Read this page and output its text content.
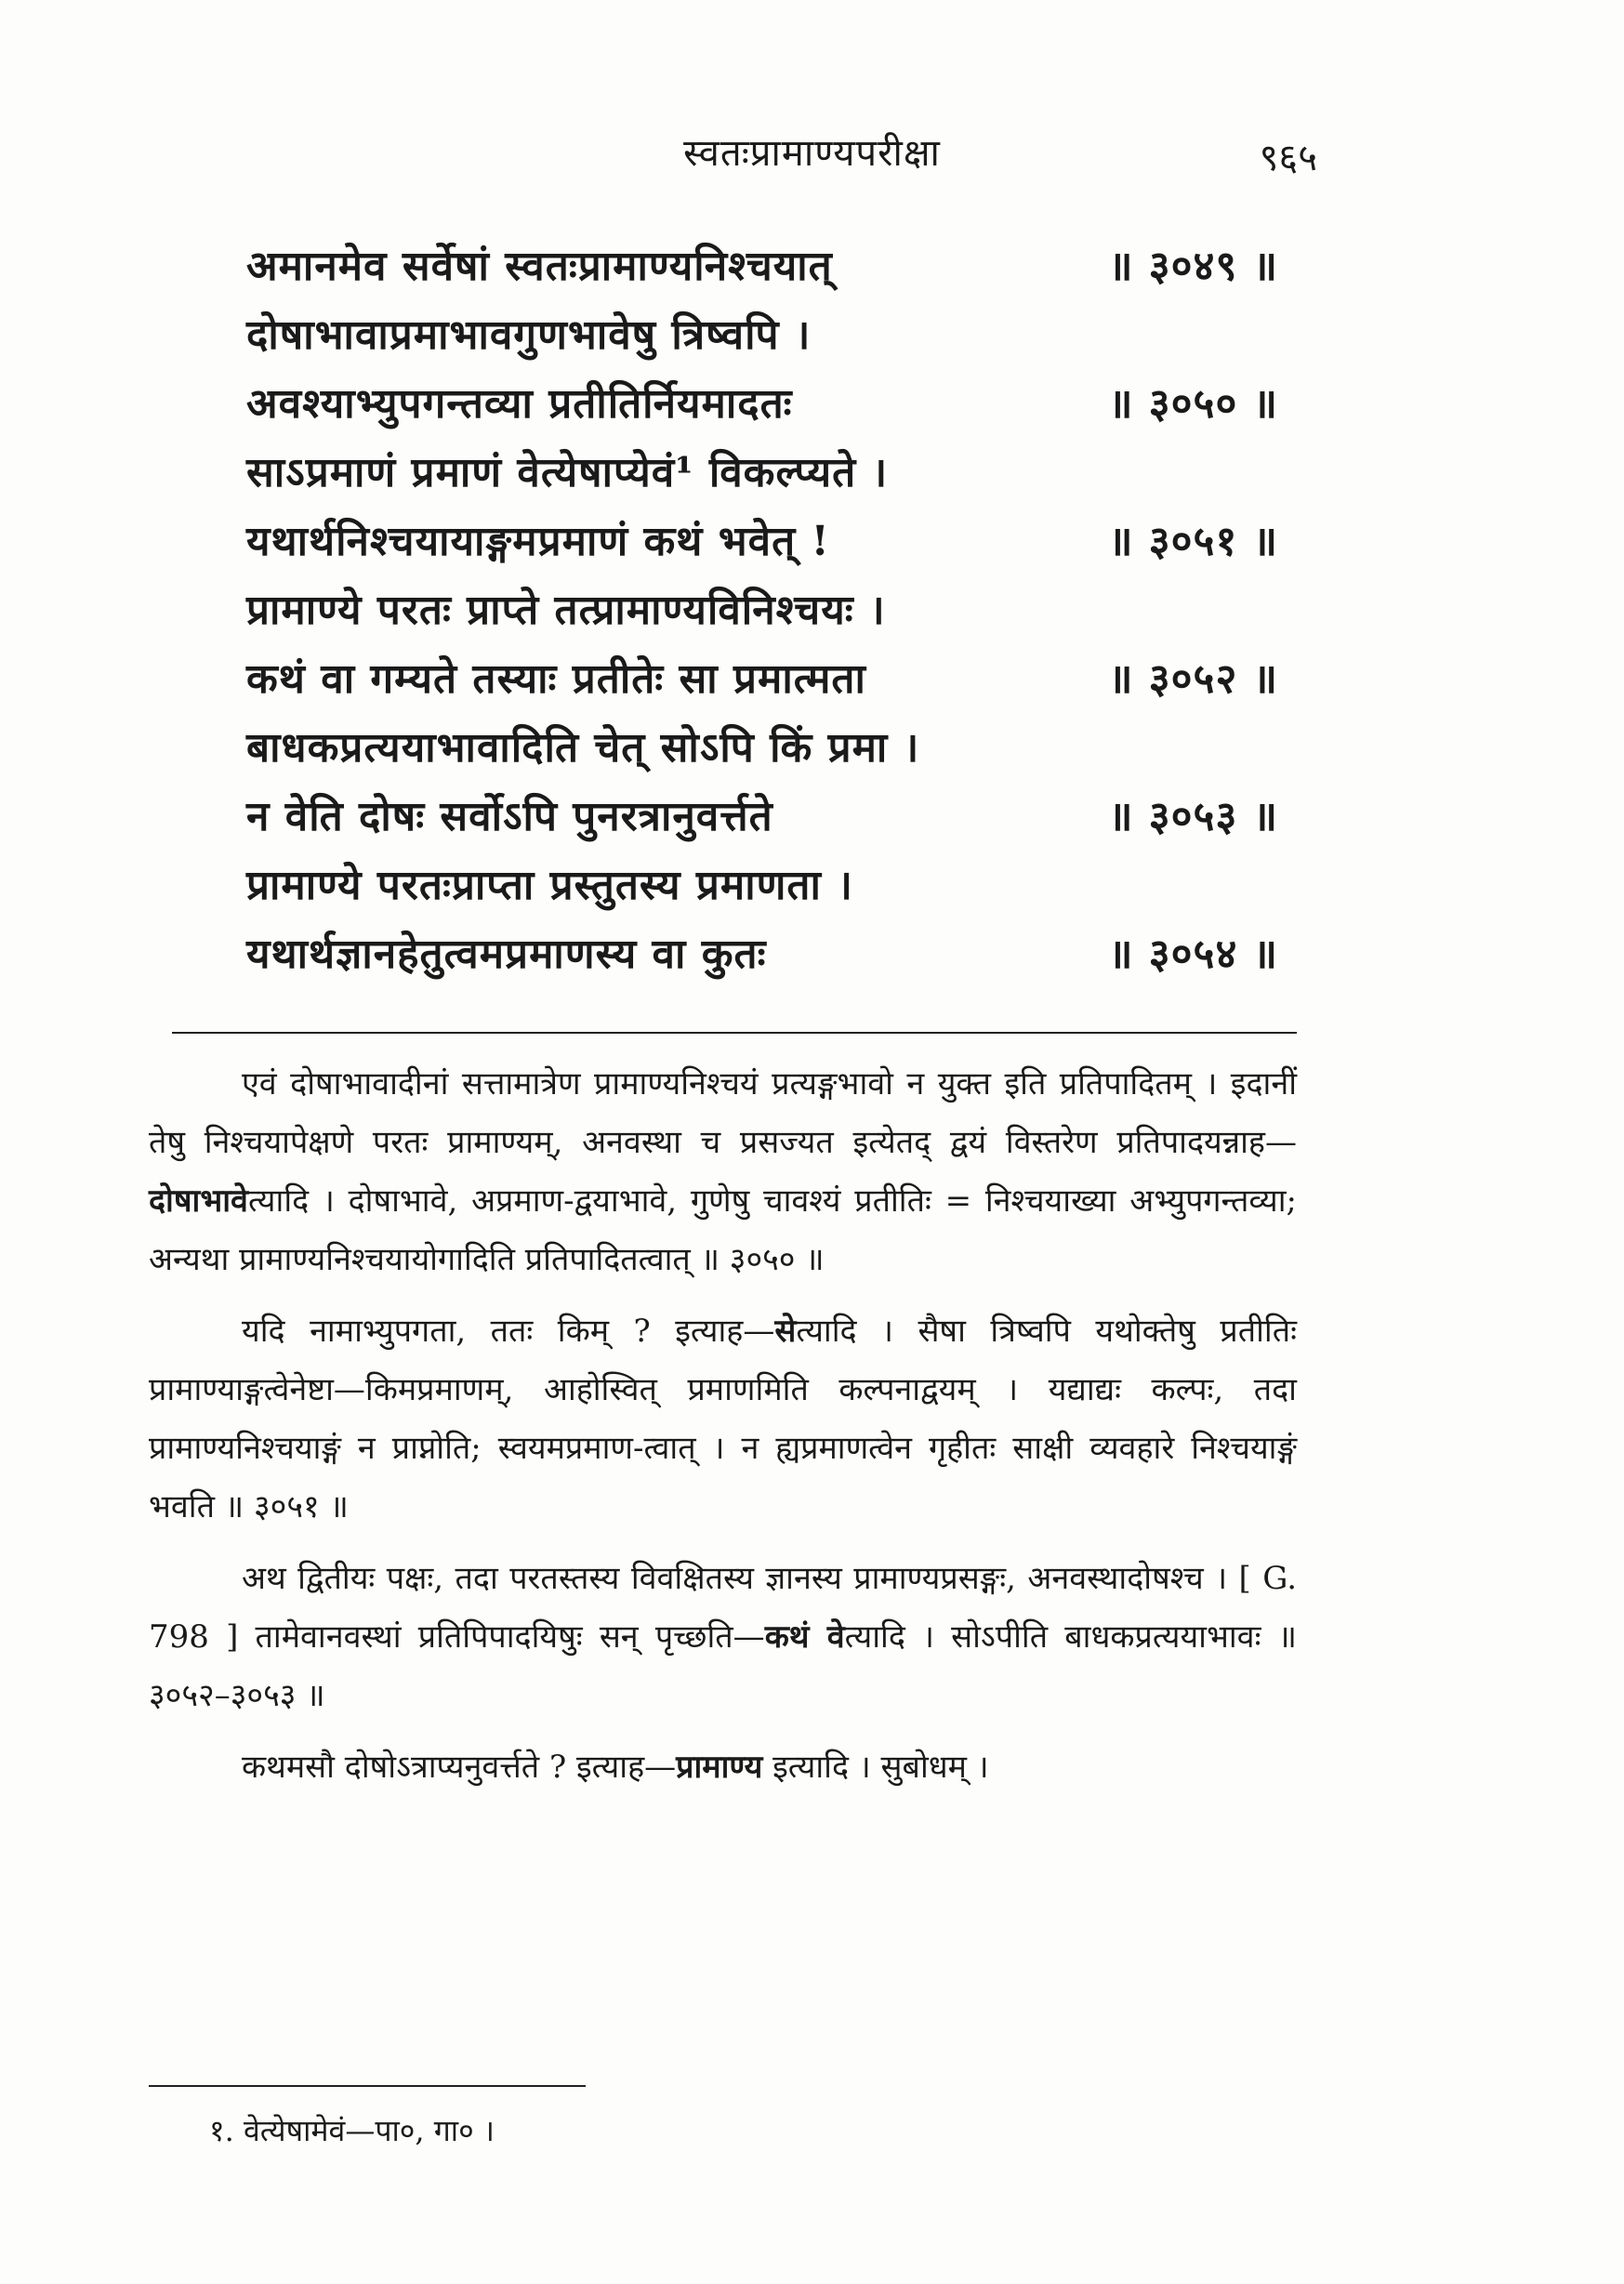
स्वतःप्रामाण्यपरीक्षा	९६५
अमानमेव सर्वेषां स्वतःप्रामाण्यनिश्चयात्	॥ ३०४९ ॥
दोषाभावाप्रमाभावगुणभावेषु त्रिष्वपि ।
अवश्याभ्युपगन्तव्या प्रतीतिर्नियमादतः	॥ ३०५० ॥
साऽप्रमाणं प्रमाणं वेत्येषाप्येवं¹ विकल्प्यते ।
यथार्थनिश्चयायाङ्गमप्रमाणं कथं भवेत् !	॥ ३०५१ ॥
प्रामाण्ये परतः प्राप्ते तत्प्रामाण्यविनिश्चयः ।
कथं वा गम्यते तस्याः प्रतीतेः सा प्रमात्मता	॥ ३०५२ ॥
बाधकप्रत्ययाभावादिति चेत् सोऽपि किं प्रमा ।
न वेति दोषः सर्वोऽपि पुनरत्रानुवर्त्तते	॥ ३०५३ ॥
प्रामाण्ये परतःप्राप्ता प्रस्तुतस्य प्रमाणता ।
यथार्थज्ञानहेतुत्वमप्रमाणस्य वा कुतः	॥ ३०५४ ॥

एवं दोषाभावादीनां सत्तामात्रेण प्रामाण्यनिश्चयं प्रत्यङ्गभावो न युक्त इति प्रतिपादितम् । इदानीं तेषु निश्चयापेक्षणे परतः प्रामाण्यम्, अनवस्था च प्रसज्यत इत्येतद् द्वयं विस्तरेण प्रतिपादयन्नाह—दोषाभावेत्यादि । दोषाभावे, अप्रमाण-द्वयाभावे, गुणेषु चावश्यं प्रतीतिः = निश्चयाख्या अभ्युपगन्तव्या; अन्यथा प्रामाण्यनिश्चयायोगादिति प्रतिपादितत्वात् ॥ ३०५० ॥

यदि नामाभ्युपगता, ततः किम् ? इत्याह—सेत्यादि । सैषा त्रिष्वपि यथोक्तेषु प्रतीतिः प्रामाण्याङ्गत्वेनेष्टा—किमप्रमाणम्, आहोस्वित् प्रमाणमिति कल्पनाद्वयम् । यद्याद्यः कल्पः, तदा प्रामाण्यनिश्चयाङ्गं न प्राप्नोति; स्वयमप्रमाण-त्वात् । न ह्यप्रमाणत्वेन गृहीतः साक्षी व्यवहारे निश्चयाङ्गं भवति ॥ ३०५१ ॥

अथ द्वितीयः पक्षः, तदा परतस्तस्य विवक्षितस्य ज्ञानस्य प्रामाण्यप्रसङ्गः, अनवस्थादोषश्च । [ G. 798 ] तामेवानवस्थां प्रतिपिपादयिषुः सन् पृच्छति—कथं वेत्यादि । सोऽपीति बाधकप्रत्ययाभावः ॥ ३०५२–३०५३ ॥

कथमसौ दोषोऽत्राप्यनुवर्त्तते ? इत्याह—प्रामाण्य इत्यादि । सुबोधम् ।

१. वेत्येषामेवं—पा०, गा० ।
